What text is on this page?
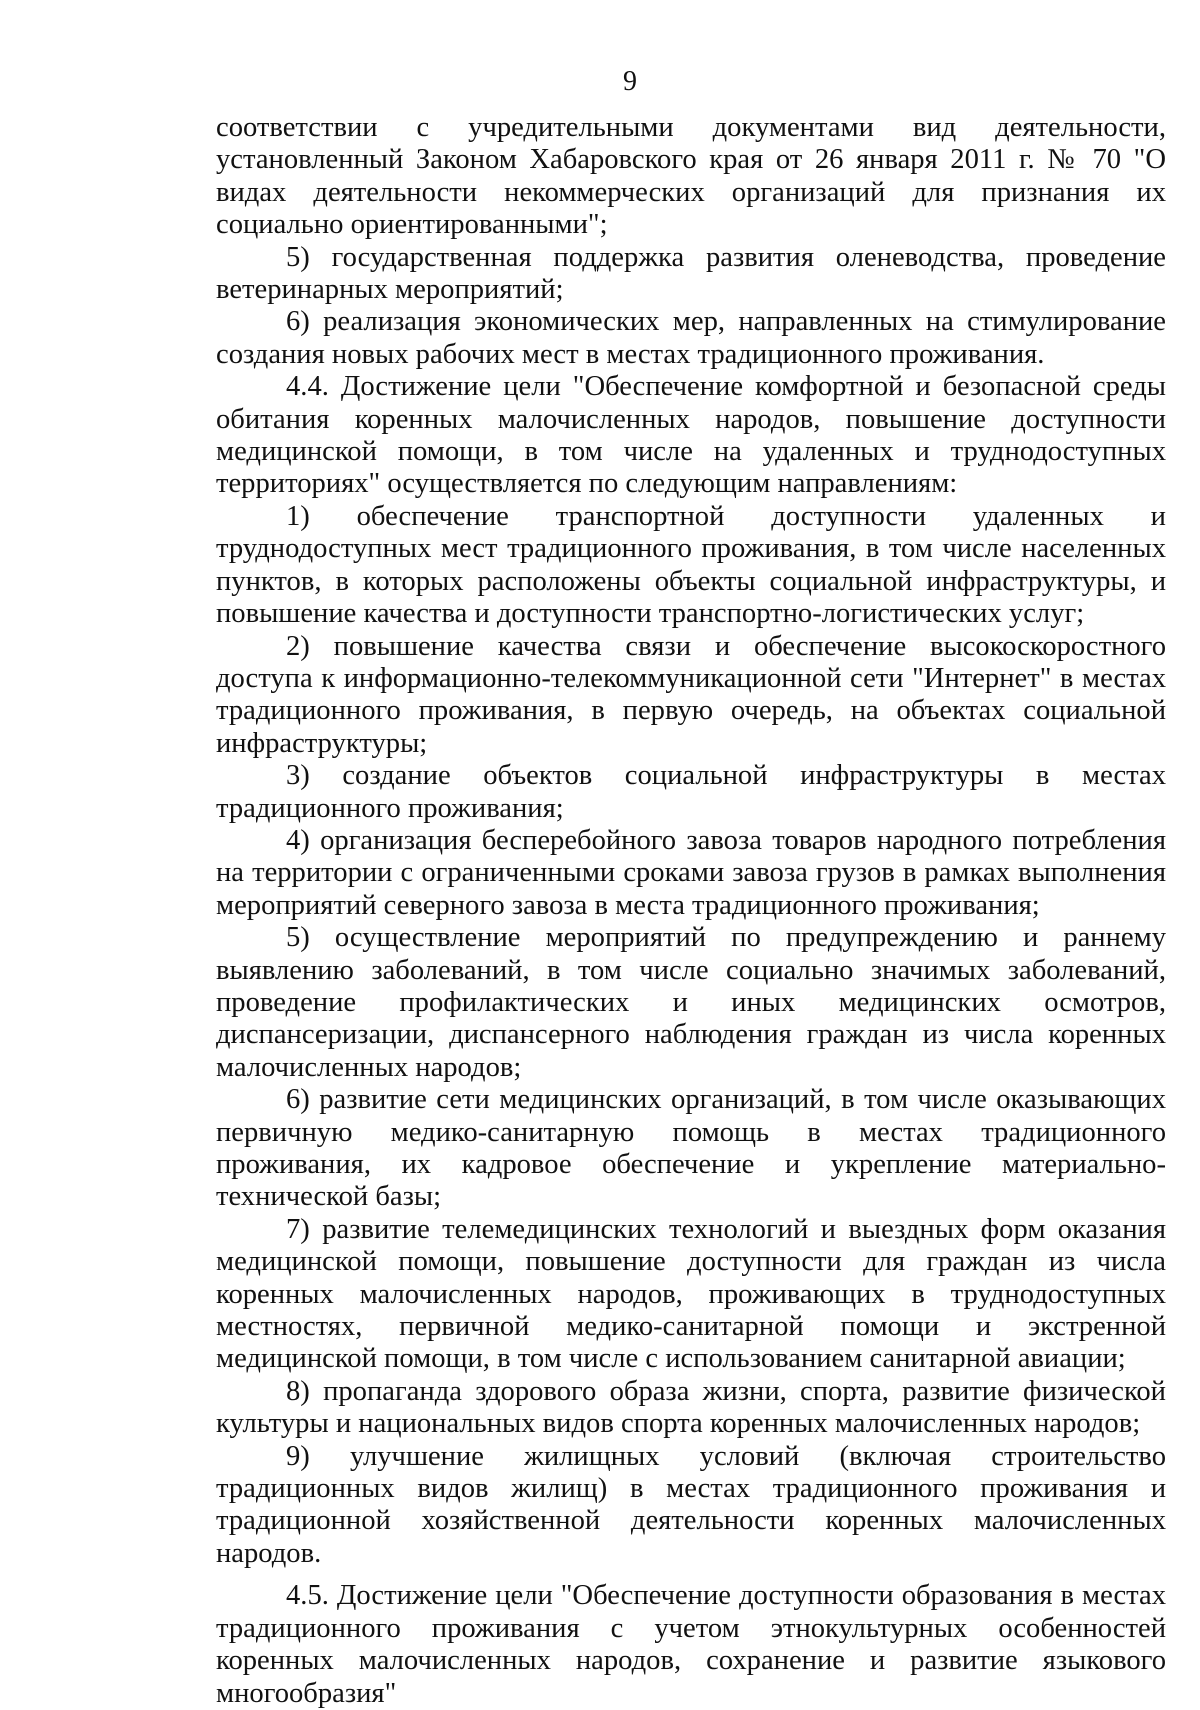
9

соответствии с учредительными документами вид деятельности, установленный Законом Хабаровского края от 26 января 2011 г. № 70 "О видах деятельности некоммерческих организаций для признания их социально ориентированными";

5) государственная поддержка развития оленеводства, проведение ветеринарных мероприятий;

6) реализация экономических мер, направленных на стимулирование создания новых рабочих мест в местах традиционного проживания.

4.4. Достижение цели "Обеспечение комфортной и безопасной среды обитания коренных малочисленных народов, повышение доступности медицинской помощи, в том числе на удаленных и труднодоступных территориях" осуществляется по следующим направлениям:

1) обеспечение транспортной доступности удаленных и труднодоступных мест традиционного проживания, в том числе населенных пунктов, в которых расположены объекты социальной инфраструктуры, и повышение качества и доступности транспортно-логистических услуг;

2) повышение качества связи и обеспечение высокоскоростного доступа к информационно-телекоммуникационной сети "Интернет" в местах традиционного проживания, в первую очередь, на объектах социальной инфраструктуры;

3) создание объектов социальной инфраструктуры в местах традиционного проживания;

4) организация бесперебойного завоза товаров народного потребления на территории с ограниченными сроками завоза грузов в рамках выполнения мероприятий северного завоза в места традиционного проживания;

5) осуществление мероприятий по предупреждению и раннему выявлению заболеваний, в том числе социально значимых заболеваний, проведение профилактических и иных медицинских осмотров, диспансеризации, диспансерного наблюдения граждан из числа коренных малочисленных народов;

6) развитие сети медицинских организаций, в том числе оказывающих первичную медико-санитарную помощь в местах традиционного проживания, их кадровое обеспечение и укрепление материально-технической базы;

7) развитие телемедицинских технологий и выездных форм оказания медицинской помощи, повышение доступности для граждан из числа коренных малочисленных народов, проживающих в труднодоступных местностях, первичной медико-санитарной помощи и экстренной медицинской помощи, в том числе с использованием санитарной авиации;

8) пропаганда здорового образа жизни, спорта, развитие физической культуры и национальных видов спорта коренных малочисленных народов;

9) улучшение жилищных условий (включая строительство традиционных видов жилищ) в местах традиционного проживания и традиционной хозяйственной деятельности коренных малочисленных народов.

4.5. Достижение цели "Обеспечение доступности образования в местах традиционного проживания с учетом этнокультурных особенностей коренных малочисленных народов, сохранение и развитие языкового многообразия"
